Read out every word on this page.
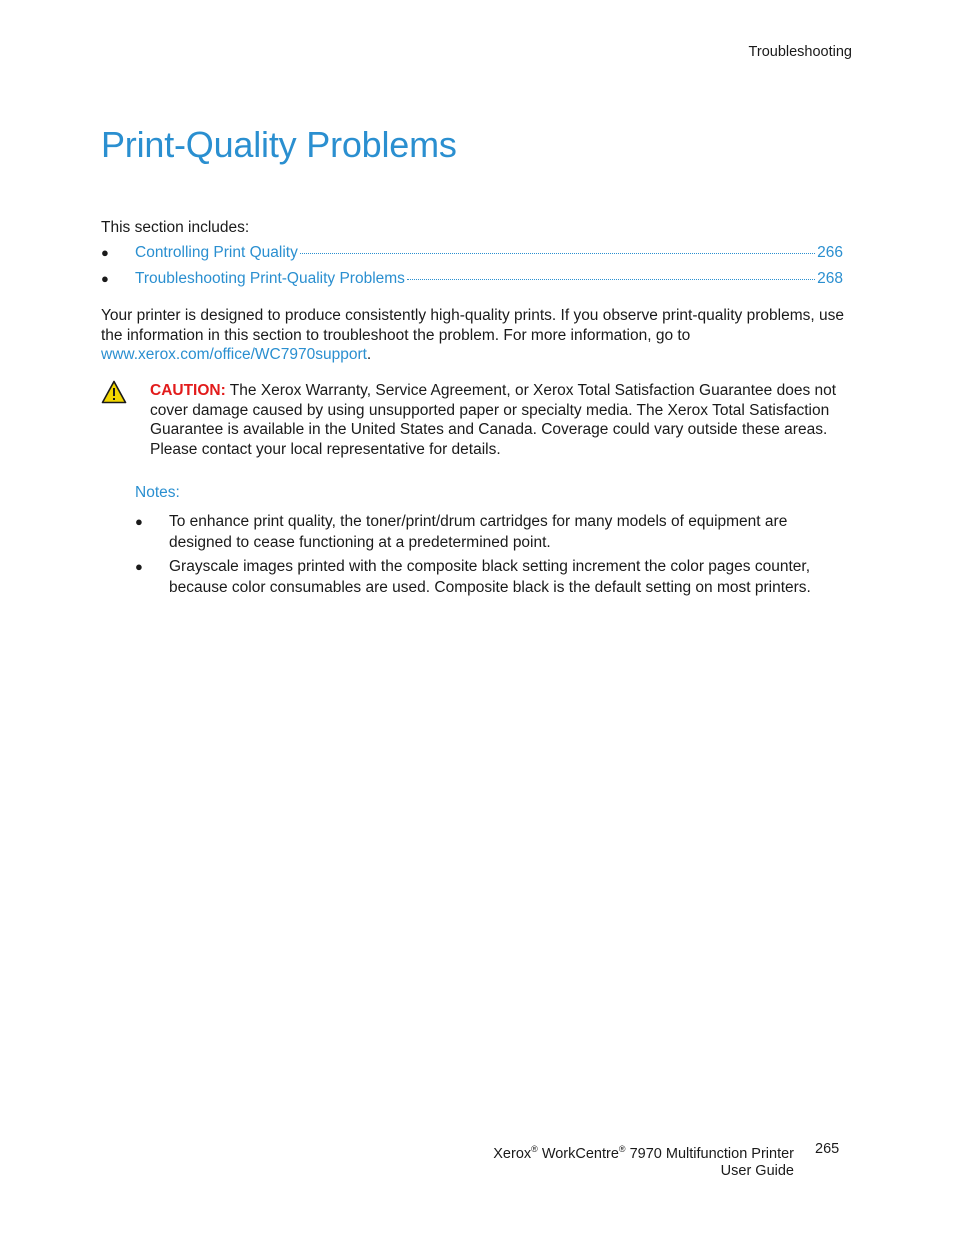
Troubleshooting
Print-Quality Problems
This section includes:
●	Controlling Print Quality	266
●	Troubleshooting Print-Quality Problems	268

Your printer is designed to produce consistently high-quality prints. If you observe print-quality problems, use the information in this section to troubleshoot the problem. For more information, go to www.xerox.com/office/WC7970support.

CAUTION: The Xerox Warranty, Service Agreement, or Xerox Total Satisfaction Guarantee does not cover damage caused by using unsupported paper or specialty media. The Xerox Total Satisfaction Guarantee is available in the United States and Canada. Coverage could vary outside these areas. Please contact your local representative for details.

Notes:
●	To enhance print quality, the toner/print/drum cartridges for many models of equipment are designed to cease functioning at a predetermined point.
●	Grayscale images printed with the composite black setting increment the color pages counter, because color consumables are used. Composite black is the default setting on most printers.
Xerox® WorkCentre® 7970 Multifunction Printer
User Guide
265
